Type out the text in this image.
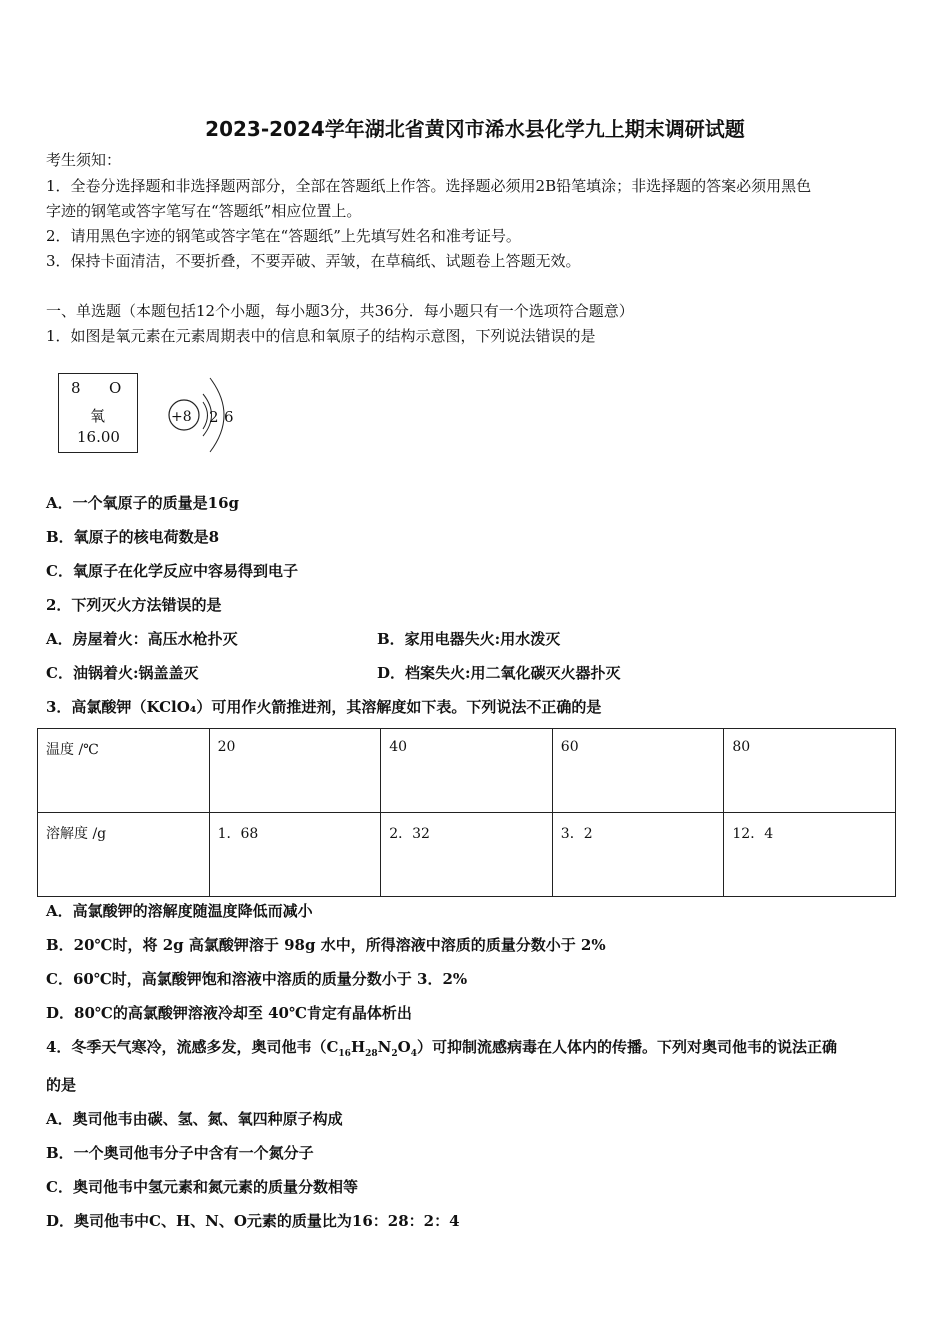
2023-2024学年湖北省黄冈市浠水县化学九上期末调研试题
考生须知：
1．全卷分选择题和非选择题两部分，全部在答题纸上作答。选择题必须用2B铅笔填涂；非选择题的答案必须用黑色
字迹的钢笔或答字笔写在“答题纸”相应位置上。
2．请用黑色字迹的钢笔或答字笔在“答题纸”上先填写姓名和准考证号。
3．保持卡面清洁，不要折叠，不要弄破、弄皱，在草稿纸、试题卷上答题无效。
一、单选题（本题包括12个小题，每小题3分，共36分．每小题只有一个选项符合题意）
1．如图是氧元素在元素周期表中的信息和氧原子的结构示意图，下列说法错误的是
8 O
氧
16.00
+8 2 6
A．一个氧原子的质量是16g
B．氧原子的核电荷数是8
C．氧原子在化学反应中容易得到电子
2．下列灭火方法错误的是
A．房屋着火：高压水枪扑灭	B．家用电器失火:用水泼灭
C．油锅着火:锅盖盖灭	D．档案失火:用二氧化碳灭火器扑灭
3．高氯酸钾（KClO₄）可用作火箭推进剂，其溶解度如下表。下列说法不正确的是
温度 /℃	20	40	60	80
溶解度 /g	1．68	2．32	3．2	12．4
A．高氯酸钾的溶解度随温度降低而减小
B．20℃时，将 2g 高氯酸钾溶于 98g 水中，所得溶液中溶质的质量分数小于 2%
C．60℃时，高氯酸钾饱和溶液中溶质的质量分数小于 3．2%
D．80℃的高氯酸钾溶液冷却至 40℃肯定有晶体析出
4．冬季天气寒冷，流感多发，奥司他韦$(C_{16}H_{28}N_2O_4)$可抑制流感病毒在人体内的传播。下列对奥司他韦的说法正确
的是
A．奥司他韦由碳、氢、氮、氧四种原子构成
B．一个奥司他韦分子中含有一个氮分子
C．奥司他韦中氢元素和氮元素的质量分数相等
D．奥司他韦中C、H、N、O元素的质量比为16：28：2：4
